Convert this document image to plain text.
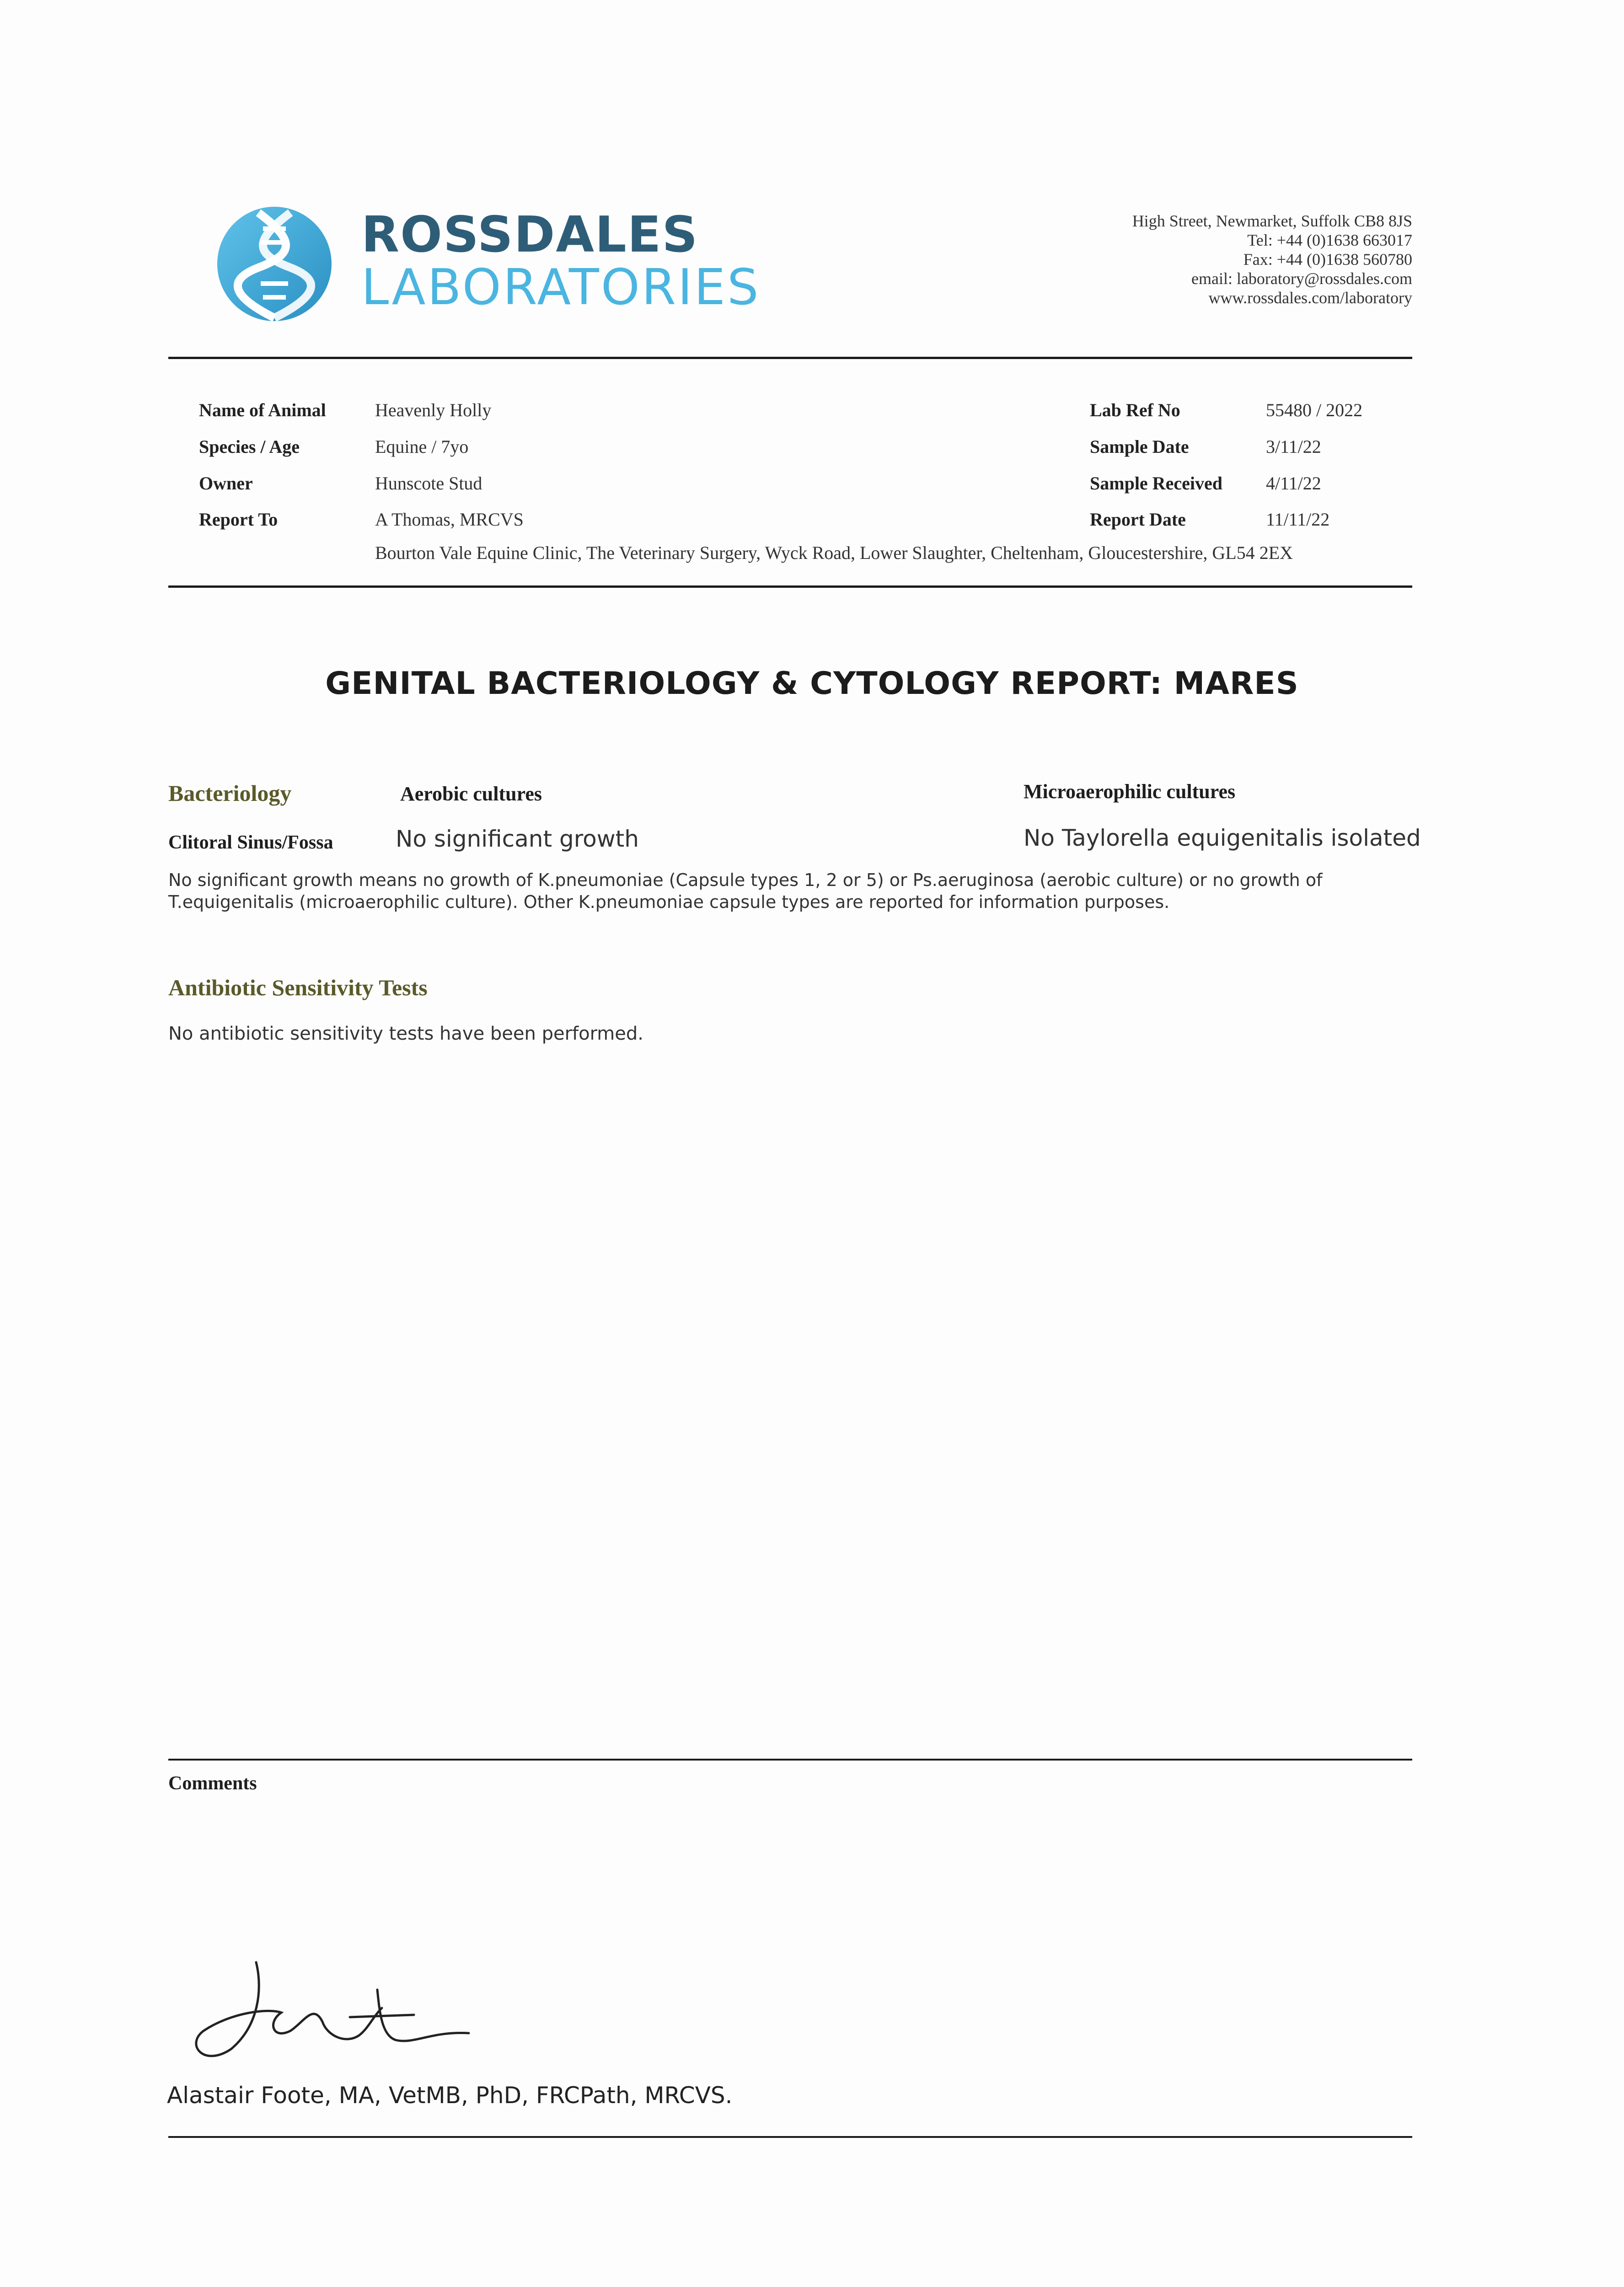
ROSSDALES
LABORATORIES
High Street, Newmarket, Suffolk CB8 8JS
Tel: +44 (0)1638 663017
Fax: +44 (0)1638 560780
email: laboratory@rossdales.com
www.rossdales.com/laboratory
Name of Animal	Heavenly Holly
Species / Age	Equine / 7yo
Owner	Hunscote Stud
Report To	A Thomas, MRCVS
Bourton Vale Equine Clinic, The Veterinary Surgery, Wyck Road, Lower Slaughter, Cheltenham, Gloucestershire, GL54 2EX
Lab Ref No	55480 / 2022
Sample Date	3/11/22
Sample Received 4/11/22
Report Date	11/11/22
GENITAL BACTERIOLOGY & CYTOLOGY REPORT: MARES
Bacteriology	Aerobic cultures	Microaerophilic cultures
Clitoral Sinus/Fossa	No significant growth	No Taylorella equigenitalis isolated
No significant growth means no growth of K.pneumoniae (Capsule types 1, 2 or 5) or Ps.aeruginosa (aerobic culture) or no growth of T.equigenitalis (microaerophilic culture). Other K.pneumoniae capsule types are reported for information purposes.
Antibiotic Sensitivity Tests
No antibiotic sensitivity tests have been performed.
Comments
Alastair Foote, MA, VetMB, PhD, FRCPath, MRCVS.
